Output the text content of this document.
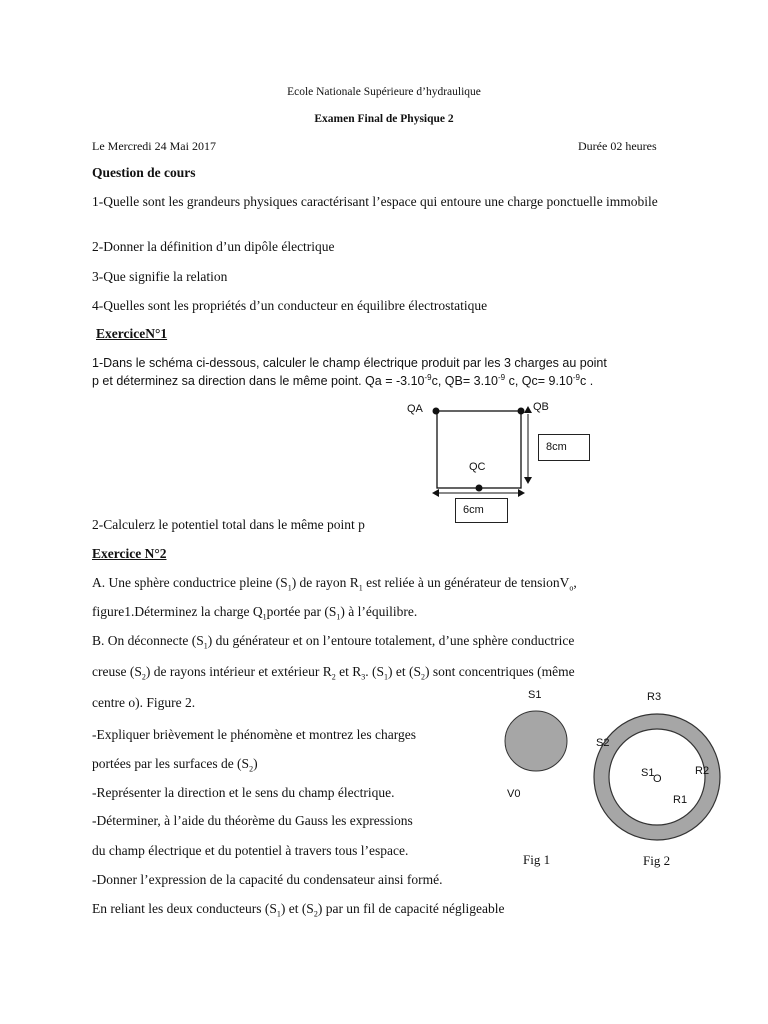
Ecole Nationale Supérieure d’hydraulique
Examen Final de Physique 2
Le Mercredi 24 Mai 2017	Durée 02 heures
Question de cours
1-Quelle sont les grandeurs physiques caractérisant l’espace qui entoure une charge ponctuelle immobile
2-Donner la définition d’un dipôle électrique
3-Que signifie la relation
4-Quelles sont les propriétés d’un conducteur en équilibre électrostatique
ExerciceN°1
1-Dans le schéma ci-dessous, calculer le champ électrique produit par les 3 charges au point
p et déterminez sa direction dans le même point. $Qa = -3.10^{-9}c$, $QB= 3.10^{-9}$ c, $Qc= 9.10^{-9}c$ .
QA	QB
QC
8cm
6cm
2-Calculerz le potentiel total dans le même point p
Exercice N°2
A. Une sphère conductrice pleine $(S_1)$ de rayon $R_1$ est reliée à un générateur de tensionV$_o$,
figure1.Déterminez la charge $Q_1portée$ par $(S_1)$ à l’équilibre.
B. On déconnecte $(S_1)$ du générateur et on l’entoure totalement, d’une sphère conductrice
creuse $(S_2)$ de rayons intérieur et extérieur $R_2$ et $R_3$. $(S_1)$ et $(S_2)$ sont concentriques (même
centre o). Figure 2.
-Expliquer brièvement le phénomène et montrez les charges
portées par les surfaces de $(S_2)$
-Représenter la direction et le sens du champ électrique.
-Déterminer, à l’aide du théorème du Gauss les expressions
du champ électrique et du potentiel à travers tous l’espace.
-Donner l’expression de la capacité du condensateur ainsi formé.
En reliant les deux conducteurs $(S_1)$ et $(S_2)$ par un fil de capacité négligeable
S1
V0
Fig 1
R3
S2
S1
O
R2
R1
Fig 2
